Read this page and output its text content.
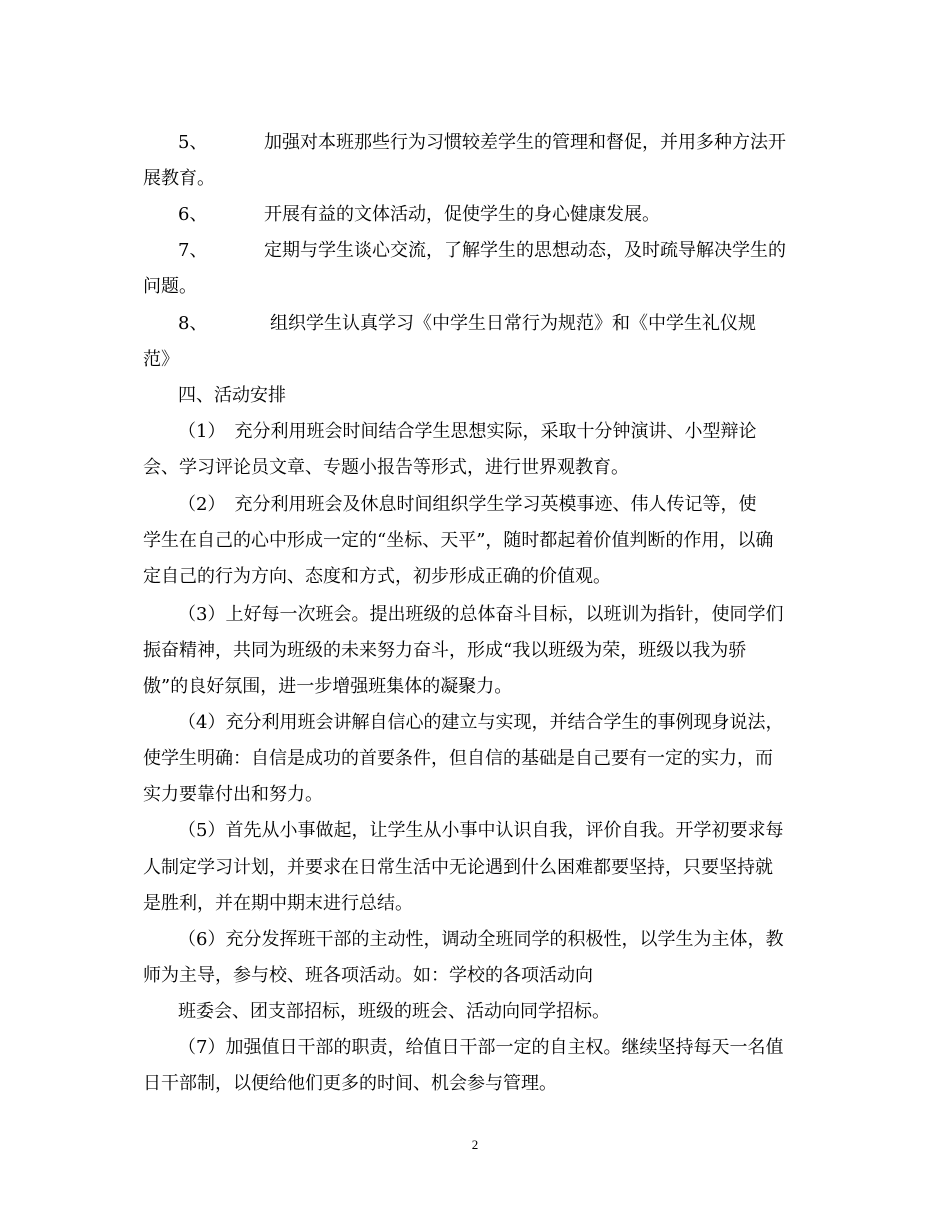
5、	加强对本班那些行为习惯较差学生的管理和督促，并用多种方法开
展教育。
6、	开展有益的文体活动，促使学生的身心健康发展。
7、	定期与学生谈心交流，了解学生的思想动态，及时疏导解决学生的
问题。
8、	组织学生认真学习《中学生日常行为规范》和《中学生礼仪规
范》
四、活动安排
（1）　充分利用班会时间结合学生思想实际，采取十分钟演讲、小型辩论
会、学习评论员文章、专题小报告等形式，进行世界观教育。
（2）　充分利用班会及休息时间组织学生学习英模事迹、伟人传记等，使
学生在自己的心中形成一定的“坐标、天平”，随时都起着价值判断的作用，以确
定自己的行为方向、态度和方式，初步形成正确的价值观。
（3）上好每一次班会。提出班级的总体奋斗目标，以班训为指针，使同学们
振奋精神，共同为班级的未来努力奋斗，形成“我以班级为荣，班级以我为骄
傲”的良好氛围，进一步增强班集体的凝聚力。
（4）充分利用班会讲解自信心的建立与实现，并结合学生的事例现身说法，
使学生明确：自信是成功的首要条件，但自信的基础是自己要有一定的实力，而
实力要靠付出和努力。
（5）首先从小事做起，让学生从小事中认识自我，评价自我。开学初要求每
人制定学习计划，并要求在日常生活中无论遇到什么困难都要坚持，只要坚持就
是胜利，并在期中期末进行总结。
（6）充分发挥班干部的主动性，调动全班同学的积极性，以学生为主体，教
师为主导，参与校、班各项活动。如：学校的各项活动向
班委会、团支部招标，班级的班会、活动向同学招标。
（7）加强值日干部的职责，给值日干部一定的自主权。继续坚持每天一名值
日干部制，以便给他们更多的时间、机会参与管理。
2
